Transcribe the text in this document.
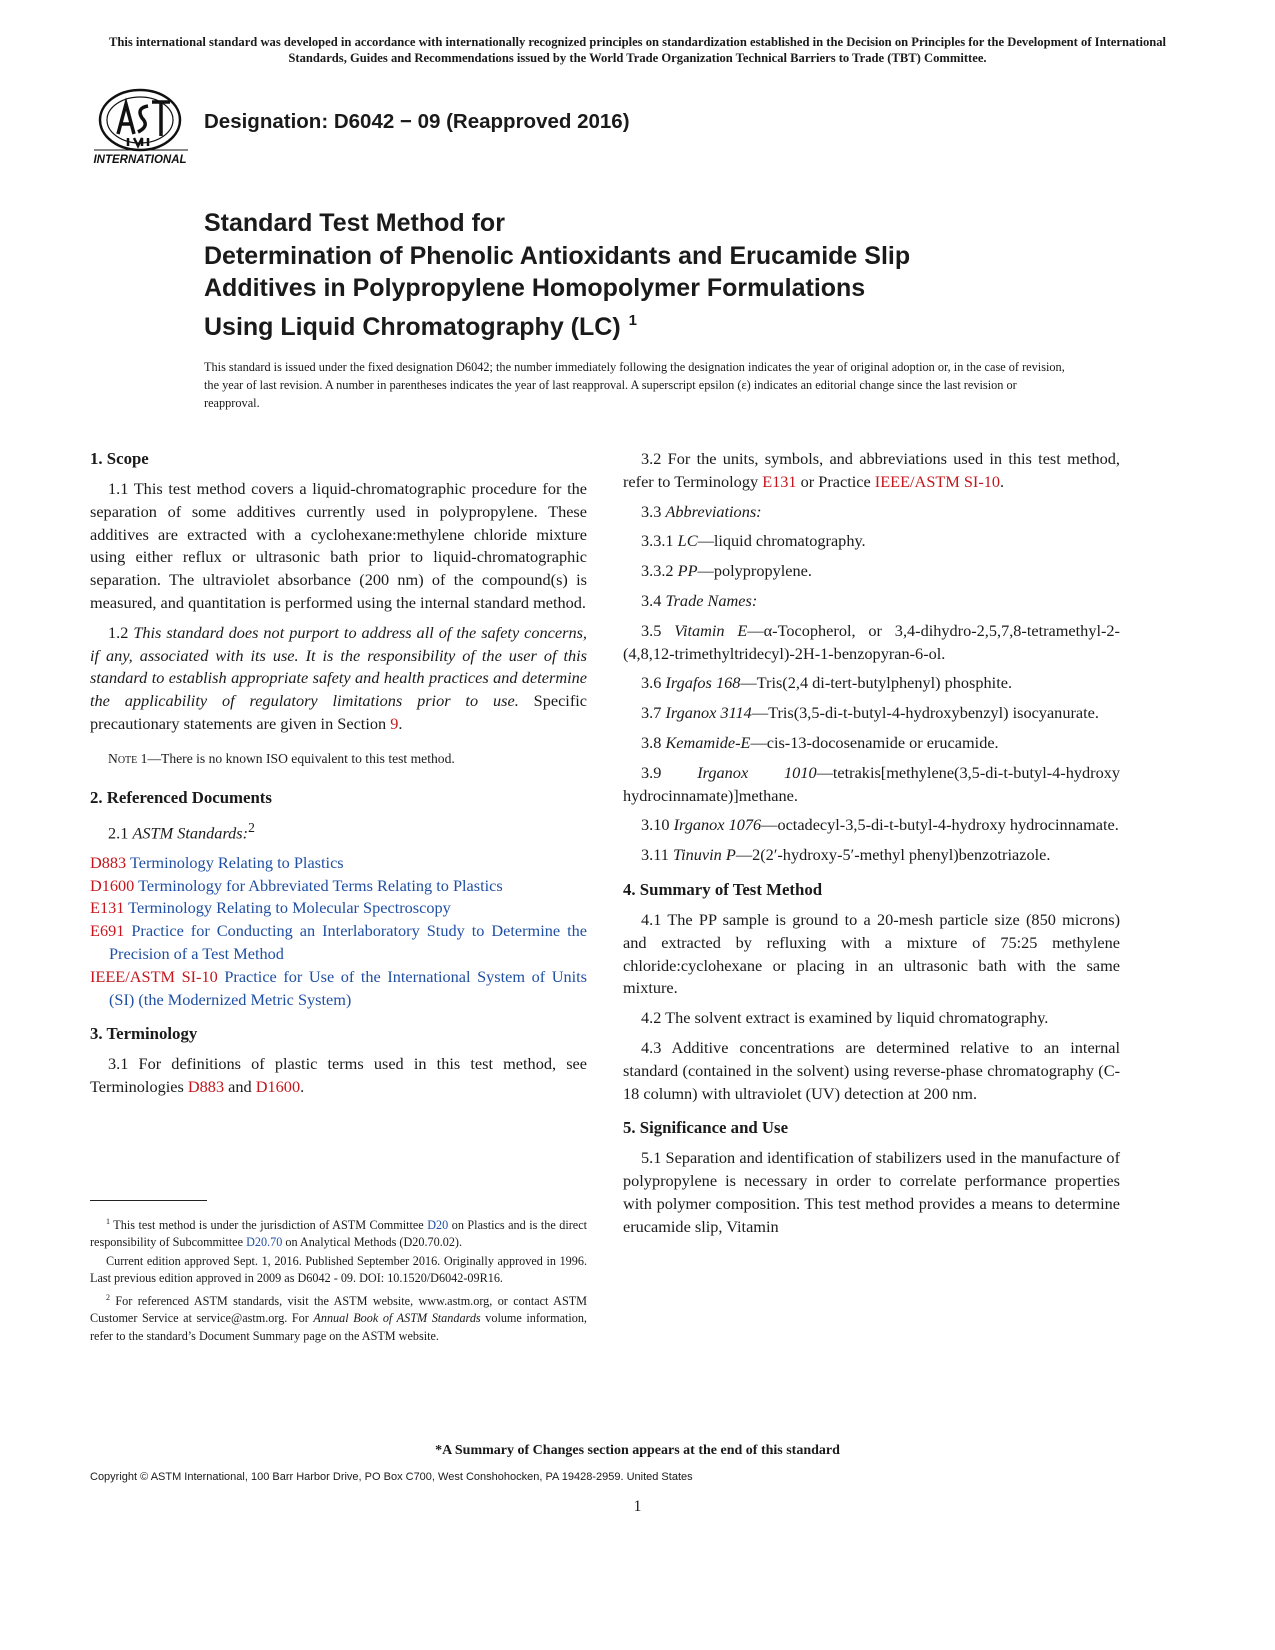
This international standard was developed in accordance with internationally recognized principles on standardization established in the Decision on Principles for the Development of International Standards, Guides and Recommendations issued by the World Trade Organization Technical Barriers to Trade (TBT) Committee.
INTERNATIONAL
Designation: D6042 − 09 (Reapproved 2016)
Standard Test Method for
Determination of Phenolic Antioxidants and Erucamide Slip
Additives in Polypropylene Homopolymer Formulations
Using Liquid Chromatography (LC) $^1$
This standard is issued under the fixed designation D6042; the number immediately following the designation indicates the year of original adoption or, in the case of revision, the year of last revision. A number in parentheses indicates the year of last reapproval. A superscript epsilon (ε) indicates an editorial change since the last revision or reapproval.
1. Scope

1.1 This test method covers a liquid-chromatographic procedure for the separation of some additives currently used in polypropylene. These additives are extracted with a cyclohexane:methylene chloride mixture using either reflux or ultrasonic bath prior to liquid-chromatographic separation. The ultraviolet absorbance (200 nm) of the compound(s) is measured, and quantitation is performed using the internal standard method.

1.2 This standard does not purport to address all of the safety concerns, if any, associated with its use. It is the responsibility of the user of this standard to establish appropriate safety and health practices and determine the applicability of regulatory limitations prior to use. Specific precautionary statements are given in Section 9.

Note 1—There is no known ISO equivalent to this test method.
2. Referenced Documents

2.1 ASTM Standards:$^2$

D883 Terminology Relating to Plastics
D1600 Terminology for Abbreviated Terms Relating to Plastics
E131 Terminology Relating to Molecular Spectroscopy
E691 Practice for Conducting an Interlaboratory Study to Determine the Precision of a Test Method
IEEE/ASTM SI-10 Practice for Use of the International System of Units (SI) (the Modernized Metric System)
3. Terminology

3.1 For definitions of plastic terms used in this test method, see Terminologies D883 and D1600.

3.2 For the units, symbols, and abbreviations used in this test method, refer to Terminology E131 or Practice IEEE/ASTM SI-10.

3.3 Abbreviations:

3.3.1 LC—liquid chromatography.

3.3.2 PP—polypropylene.

3.4 Trade Names:

3.5 Vitamin E—α-Tocopherol, or 3,4-dihydro-2,5,7,8-tetramethyl-2-(4,8,12-trimethyltridecyl)-2H-1-benzopyran-6-ol.

3.6 Irgafos 168—Tris(2,4 di-tert-butylphenyl) phosphite.

3.7 Irganox 3114—Tris(3,5-di-t-butyl-4-hydroxybenzyl) isocyanurate.

3.8 Kemamide-E—cis-13-docosenamide or erucamide.

3.9 Irganox 1010—tetrakis[methylene(3,5-di-t-butyl-4-hydroxy hydrocinnamate)]methane.

3.10 Irganox 1076—octadecyl-3,5-di-t-butyl-4-hydroxy hydrocinnamate.

3.11 Tinuvin P—2(2′-hydroxy-5′-methyl phenyl)benzotriazole.

4. Summary of Test Method

4.1 The PP sample is ground to a 20-mesh particle size (850 microns) and extracted by refluxing with a mixture of 75:25 methylene chloride:cyclohexane or placing in an ultrasonic bath with the same mixture.

4.2 The solvent extract is examined by liquid chromatography.

4.3 Additive concentrations are determined relative to an internal standard (contained in the solvent) using reverse-phase chromatography (C-18 column) with ultraviolet (UV) detection at 200 nm.

5. Significance and Use

5.1 Separation and identification of stabilizers used in the manufacture of polypropylene is necessary in order to correlate performance properties with polymer composition. This test method provides a means to determine erucamide slip, Vitamin

$^1$ This test method is under the jurisdiction of ASTM Committee D20 on Plastics and is the direct responsibility of Subcommittee D20.70 on Analytical Methods (D20.70.02).

Current edition approved Sept. 1, 2016. Published September 2016. Originally approved in 1996. Last previous edition approved in 2009 as D6042 - 09. DOI: 10.1520/D6042-09R16.

$^2$ For referenced ASTM standards, visit the ASTM website, www.astm.org, or contact ASTM Customer Service at service@astm.org. For Annual Book of ASTM Standards volume information, refer to the standard’s Document Summary page on the ASTM website.

*A Summary of Changes section appears at the end of this standard
Copyright © ASTM International, 100 Barr Harbor Drive, PO Box C700, West Conshohocken, PA 19428-2959. United States
1
